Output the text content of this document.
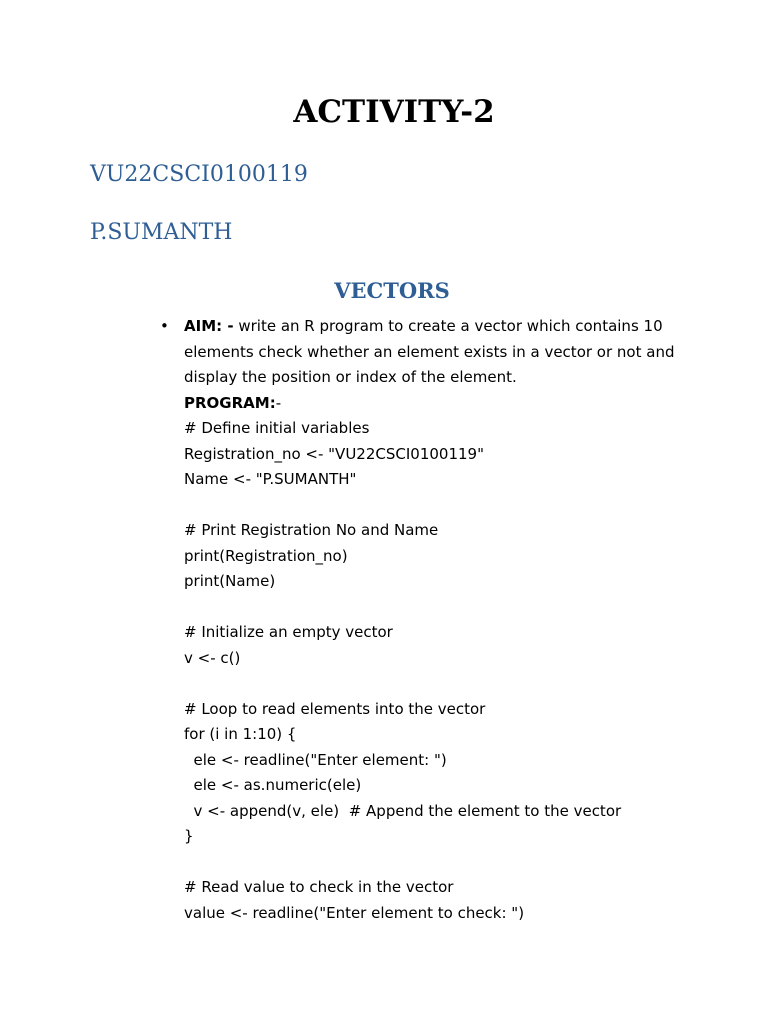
ACTIVITY-2
VU22CSCI0100119
P.SUMANTH
VECTORS
• AIM: - write an R program to create a vector which contains 10
elements check whether an element exists in a vector or not and
display the position or index of the element.
PROGRAM:-
# Define initial variables
Registration_no <- "VU22CSCI0100119"
Name <- "P.SUMANTH"
# Print Registration No and Name
print(Registration_no)
print(Name)
# Initialize an empty vector
v <- c()
# Loop to read elements into the vector
for (i in 1:10) {
ele <- readline("Enter element: ")
ele <- as.numeric(ele)
v <- append(v, ele)  # Append the element to the vector
}
# Read value to check in the vector
value <- readline("Enter element to check: ")
